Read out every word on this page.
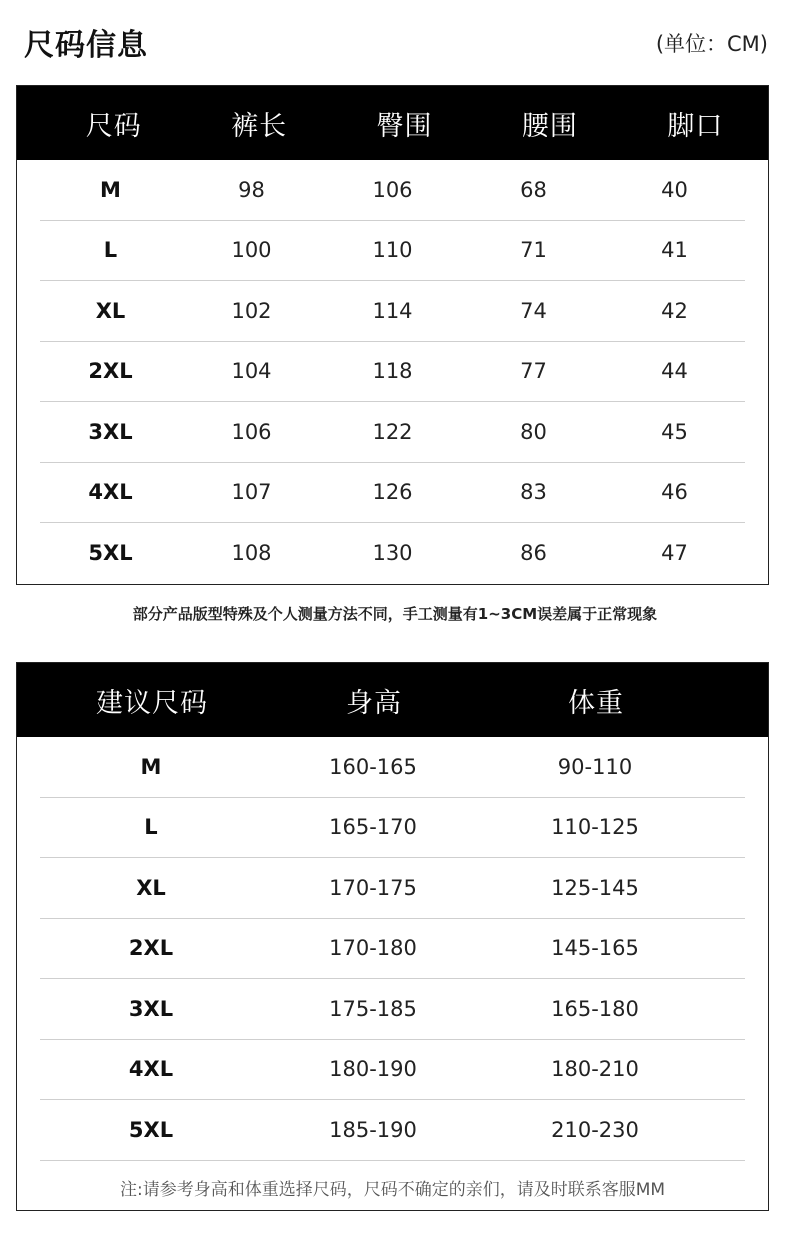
尺码信息	(单位：CM)
尺码	裤长	臀围	腰围	脚口
M	98	106	68	40
L	100	110	71	41
XL	102	114	74	42
2XL	104	118	77	44
3XL	106	122	80	45
4XL	107	126	83	46
5XL	108	130	86	47
部分产品版型特殊及个人测量方法不同，手工测量有1~3CM误差属于正常现象
建议尺码	身高	体重
M	160-165	90-110
L	165-170	110-125
XL	170-175	125-145
2XL	170-180	145-165
3XL	175-185	165-180
4XL	180-190	180-210
5XL	185-190	210-230
注:请参考身高和体重选择尺码，尺码不确定的亲们，请及时联系客服MM
